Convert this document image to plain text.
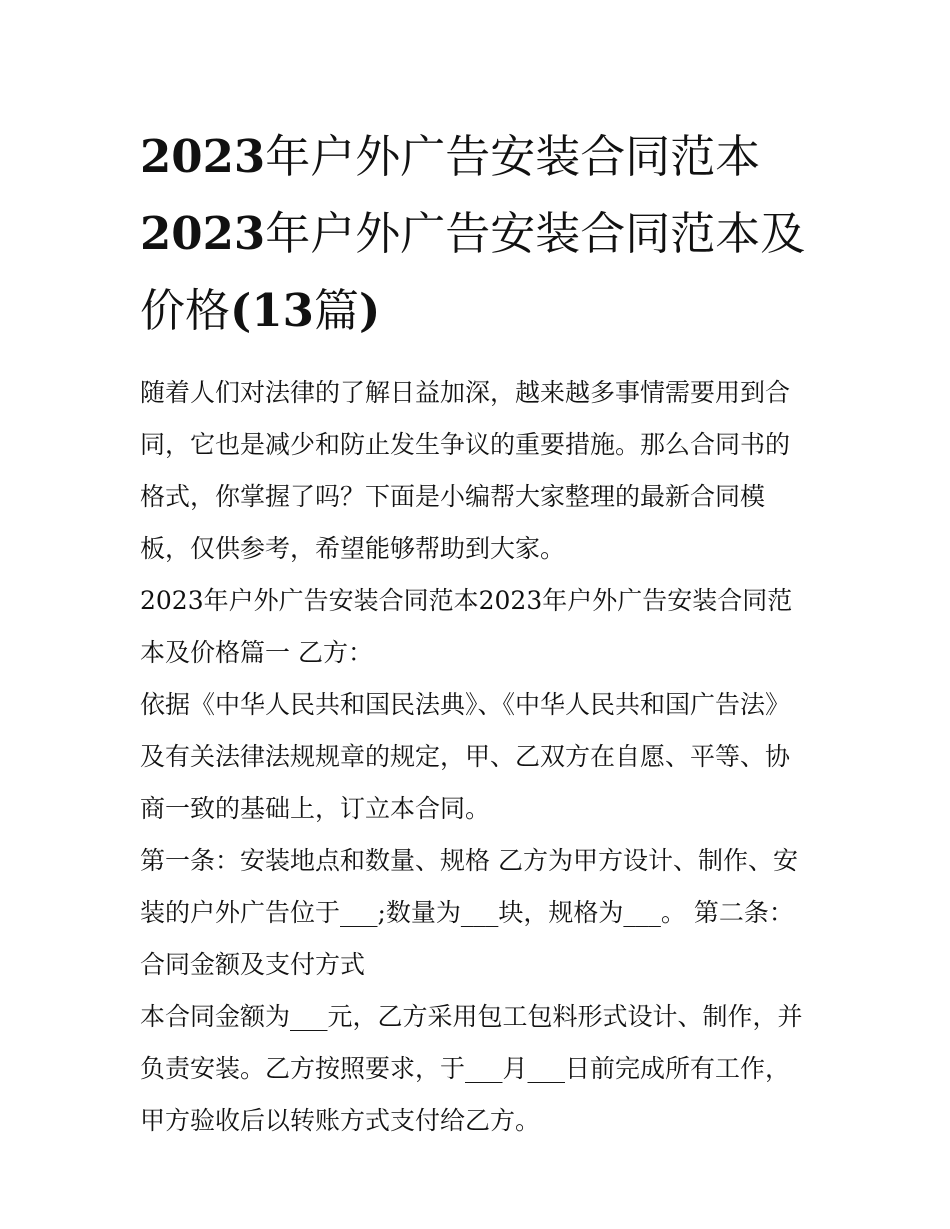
2023年户外广告安装合同范本2023年户外广告安装合同范本及价格(13篇)

随着人们对法律的了解日益加深，越来越多事情需要用到合同，它也是减少和防止发生争议的重要措施。那么合同书的格式，你掌握了吗？下面是小编帮大家整理的最新合同模板，仅供参考，希望能够帮助到大家。

2023年户外广告安装合同范本2023年户外广告安装合同范本及价格篇一 乙方：

依据《中华人民共和国民法典》、《中华人民共和国广告法》及有关法律法规规章的规定，甲、乙双方在自愿、平等、协商一致的基础上，订立本合同。

第一条：安装地点和数量、规格 乙方为甲方设计、制作、安装的户外广告位于___;数量为___块，规格为___。 第二条：合同金额及支付方式

本合同金额为___元，乙方采用包工包料形式设计、制作，并负责安装。乙方按照要求，于___月___日前完成所有工作，甲方验收后以转账方式支付给乙方。
